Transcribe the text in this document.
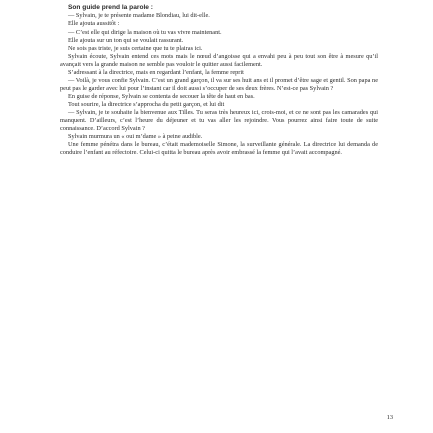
Son guide prend la parole :

— Sylvain, je te présente madame Blondiau, lui dit-elle.

Elle ajouta aussitôt :

— C’est elle qui dirige la maison où tu vas vivre maintenant.

Elle ajouta sur un ton qui se voulait rassurant.

Ne sois pas triste, je suis certaine que tu te plairas ici.

Sylvain écoute, Sylvain entend ces mots mais le nœud d’angoisse qui a envahi peu à peu tout son être à mesure qu’il avançait vers la grande maison ne semble pas vouloir le quitter aussi facilement.

S’adressant à la directrice, mais en regardant l’enfant, la femme reprit

— Voilà, je vous confie Sylvain. C’est un grand garçon, il va sur ses huit ans et il promet d’être sage et gentil. Son papa ne peut pas le garder avec lui pour l’instant car il doit aussi s’occuper de ses deux frères. N’est-ce pas Sylvain ?

En guise de réponse, Sylvain se contenta de secouer la tête de haut en bas.

Tout sourire, la directrice s’approcha du petit garçon, et lui dit

— Sylvain, je te souhaite la bienvenue aux Tilles. Tu seras très heureux ici, crois-moi, et ce ne sont pas les camarades qui manquent. D’ailleurs, c’est l’heure du déjeuner et tu vas aller les rejoindre. Vous pourrez ainsi faire toute de suite connaissance. D’accord Sylvain ?

Sylvain murmura un « oui m’dame » à peine audible.

Une femme pénétra dans le bureau, c’était mademoiselle Simone, la surveillante générale. La directrice lui demanda de conduire l’enfant au réfectoire. Celui-ci quitta le bureau après avoir embrassé la femme qui l’avait accompagné.

13
